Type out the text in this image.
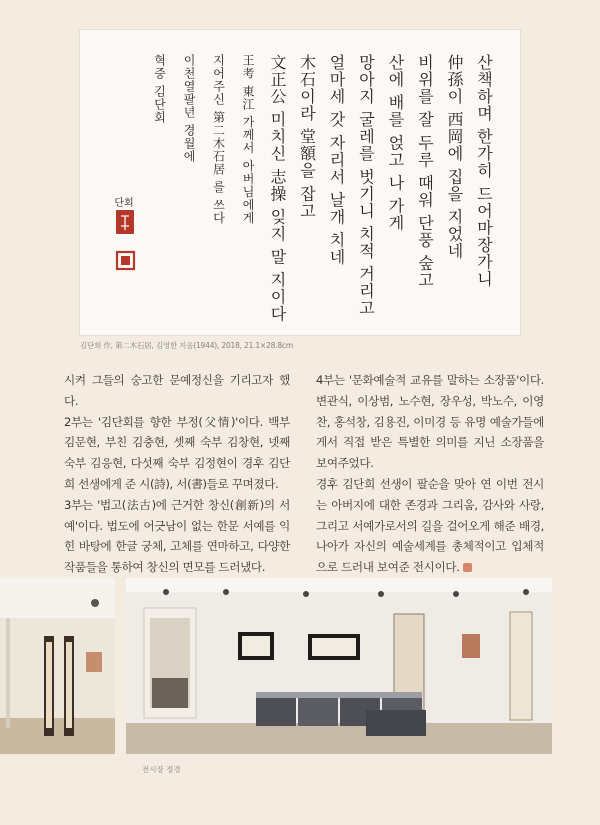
산책하며 한가히 드어마장가니
仲孫이 西岡에 집을 지었네
비위를 잘 두루 때워 단풍 숲고
산에 배를 얹고 나 가게
망아지 굴레를 벗기니 치적 거리고
얼마세 갓 자리서 날개 치네
木石이라 堂額을 잡고
文正公 미치신 志操 잊지 말 지이다
王考 東江 가께서 아버님에게
지어주신 第二木石居 를 쓰다
이천열팔년 경월에
혁중 김단회
단회
김단희 作, 第二木石居, 김영한 지음(1944), 2018, 21.1×28.8cm

시켜 그들의 숭고한 문예정신을 기리고자 했다.

2부는 '김단회를 향한 부정(父情)'이다. 백부 김문현, 부친 김충현, 셋째 숙부 김창현, 넷째 숙부 김응현, 다섯째 숙부 김정현이 경후 김단희 선생에게 준 시(詩), 서(書)들로 꾸며졌다.

3부는 '법고(法古)에 근거한 창신(創新)의 서예'이다. 법도에 어긋남이 없는 한문 서예를 익힌 바탕에 한글 궁체, 고체를 연마하고, 다양한 작품들을 통하여 창신의 면모를 드러냈다.

4부는 '문화예술적 교유를 말하는 소장품'이다. 변관식, 이상범, 노수현, 장우성, 박노수, 이영찬, 홍석창, 김용진, 이미경 등 유명 예술가들에게서 직접 받은 특별한 의미를 지닌 소장품을 보여주었다.

경후 김단희 선생이 팔순을 맞아 연 이번 전시는 아버지에 대한 존경과 그리움, 감사와 사랑, 그리고 서예가로서의 길을 걸어오게 해준 배경, 나아가 자신의 예술세계를 총체적이고 입체적으로 드러내 보여준 전시이다.

전시장 정경
